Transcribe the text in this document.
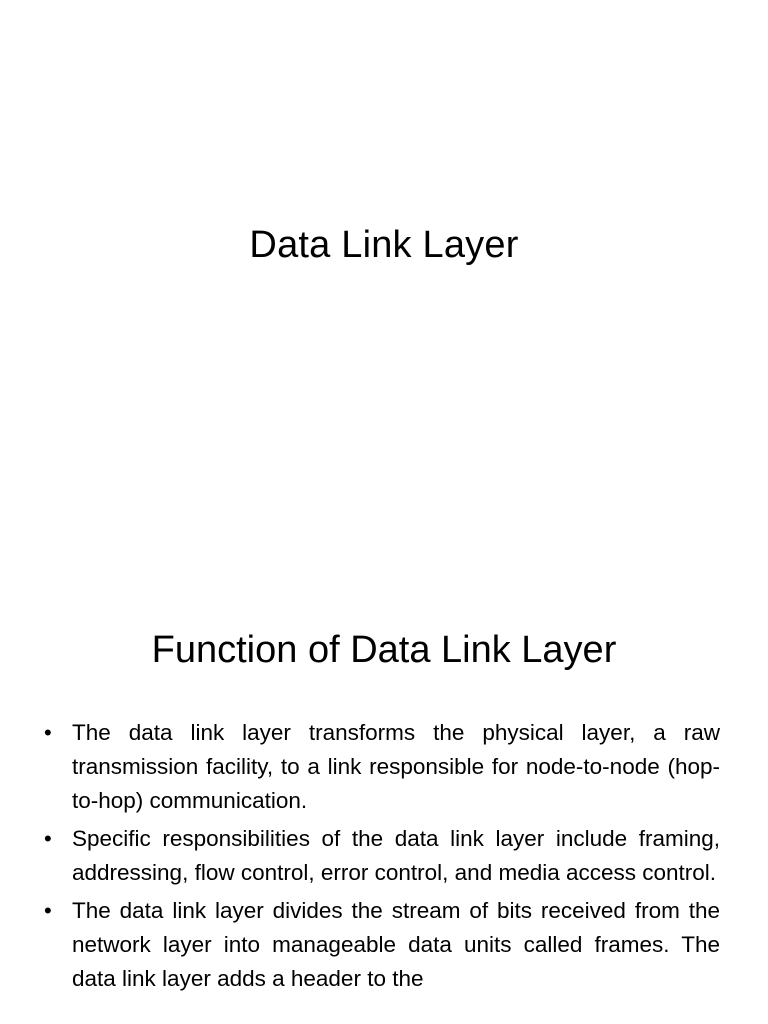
Data Link Layer
Function of Data Link Layer
• The data link layer transforms the physical layer, a raw transmission facility, to a link responsible for node-to-node (hop-to-hop) communication.
• Specific responsibilities of the data link layer include framing, addressing, flow control, error control, and media access control.
• The data link layer divides the stream of bits received from the network layer into manageable data units called frames. The data link layer adds a header to the
